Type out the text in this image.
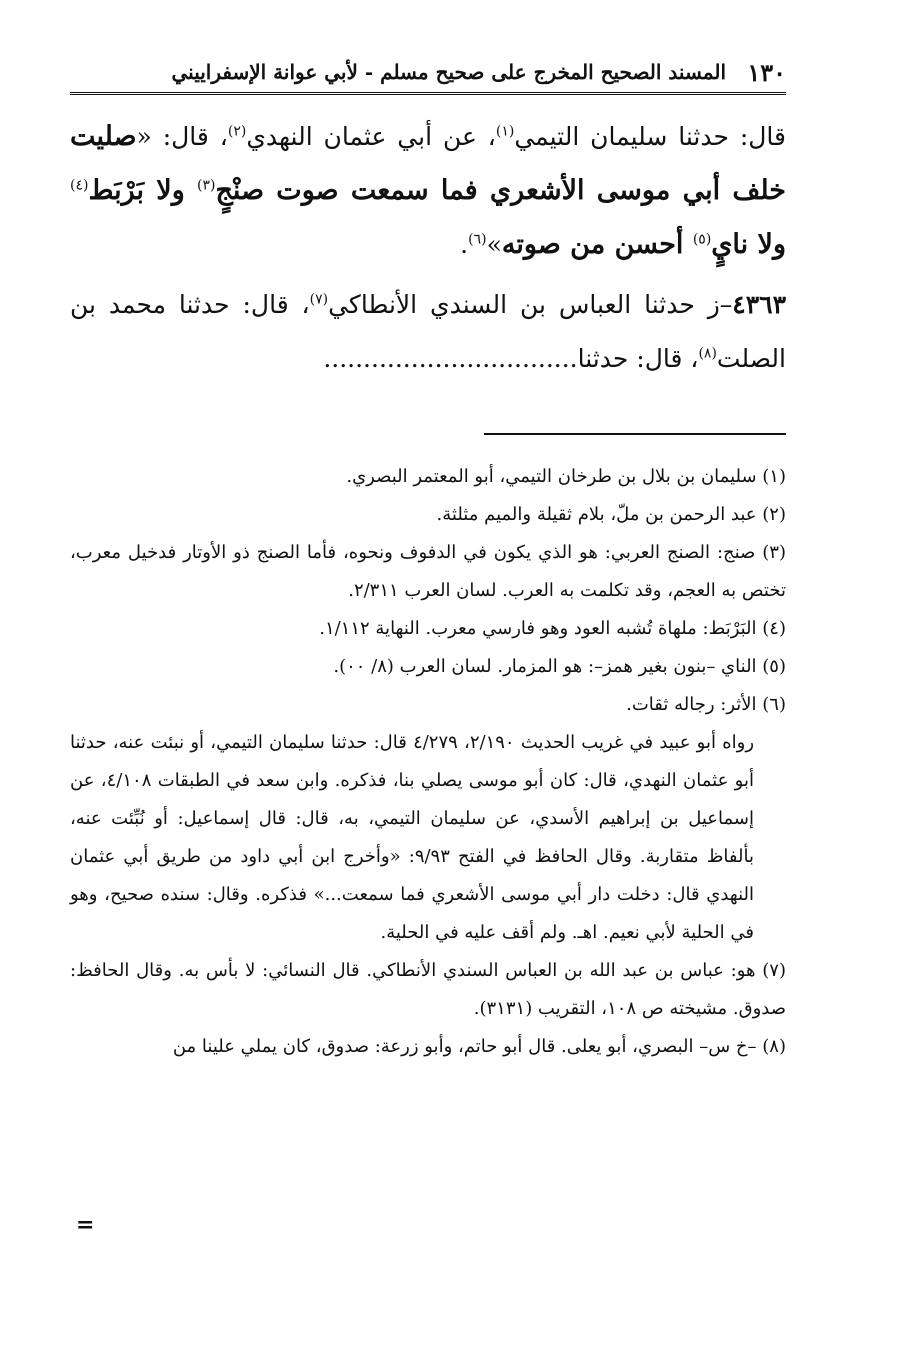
١٣٠
المسند الصحيح المخرج على صحيح مسلم - لأبي عوانة الإسفراييني

قال: حدثنا سليمان التيمي$^{(١)}$، عن أبي عثمان النهدي$^{(٢)}$، قال: «صليت خلف أبي موسى الأشعري فما سمعت صوت صنْجٍ$^{(٣)}$ ولا بَرْبَط$^{(٤)}$ ولا نايٍ$^{(٥)}$ أحسن من صوته»$^{(٦)}$.

٤٣٦٣–ز حدثنا العباس بن السندي الأنطاكي$^{(٧)}$، قال: حدثنا محمد بن الصلت$^{(٨)}$، قال: حدثنا................................

(١) سليمان بن بلال بن طرخان التيمي، أبو المعتمر البصري.

(٢) عبد الرحمن بن ملّ، بلام ثقيلة والميم مثلثة.

(٣) صنج: الصنج العربي: هو الذي يكون في الدفوف ونحوه، فأما الصنج ذو الأوتار فدخيل معرب، تختص به العجم، وقد تكلمت به العرب. لسان العرب ٢/٣١١.

(٤) البَرْبَط: ملهاة تُشبه العود وهو فارسي معرب. النهاية ١/١١٢.

(٥) الناي –بنون بغير همز–: هو المزمار. لسان العرب (٨/ ٠٠).

(٦) الأثر: رجاله ثقات.

رواه أبو عبيد في غريب الحديث ٢/١٩٠، ٤/٢٧٩ قال: حدثنا سليمان التيمي، أو نبئت عنه، حدثنا أبو عثمان النهدي، قال: كان أبو موسى يصلي بنا، فذكره. وابن سعد في الطبقات ٤/١٠٨، عن إسماعيل بن إبراهيم الأسدي، عن سليمان التيمي، به، قال: قال إسماعيل: أو نُبِّئت عنه، بألفاظ متقاربة. وقال الحافظ في الفتح ٩/٩٣: «وأخرج ابن أبي داود من طريق أبي عثمان النهدي قال: دخلت دار أبي موسى الأشعري فما سمعت...» فذكره. وقال: سنده صحيح، وهو في الحلية لأبي نعيم. اهـ. ولم أقف عليه في الحلية.

(٧) هو: عباس بن عبد الله بن العباس السندي الأنطاكي. قال النسائي: لا بأس به. وقال الحافظ: صدوق. مشيخته ص ١٠٨، التقريب (٣١٣١).

(٨) –خ س– البصري، أبو يعلى. قال أبو حاتم، وأبو زرعة: صدوق، كان يملي علينا من

=
